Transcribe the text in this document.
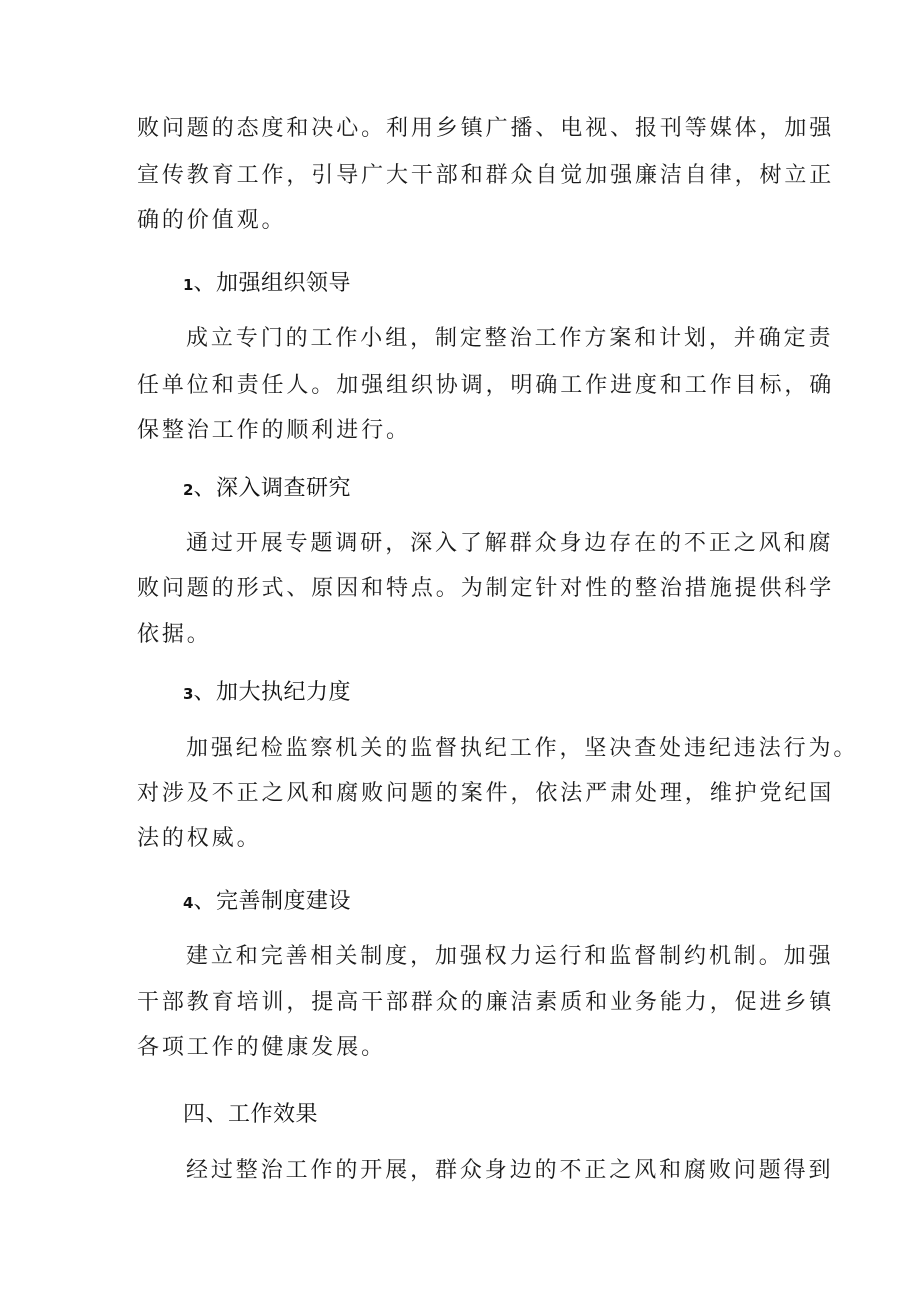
败问题的态度和决心。利用乡镇广播、电视、报刊等媒体，加强

宣传教育工作，引导广大干部和群众自觉加强廉洁自律，树立正

确的价值观。

1、加强组织领导

成立专门的工作小组，制定整治工作方案和计划，并确定责

任单位和责任人。加强组织协调，明确工作进度和工作目标，确

保整治工作的顺利进行。

2、深入调查研究

通过开展专题调研，深入了解群众身边存在的不正之风和腐

败问题的形式、原因和特点。为制定针对性的整治措施提供科学

依据。

3、加大执纪力度

加强纪检监察机关的监督执纪工作，坚决查处违纪违法行为。

对涉及不正之风和腐败问题的案件，依法严肃处理，维护党纪国

法的权威。

4、完善制度建设

建立和完善相关制度，加强权力运行和监督制约机制。加强

干部教育培训，提高干部群众的廉洁素质和业务能力，促进乡镇

各项工作的健康发展。

四、工作效果

经过整治工作的开展，群众身边的不正之风和腐败问题得到
